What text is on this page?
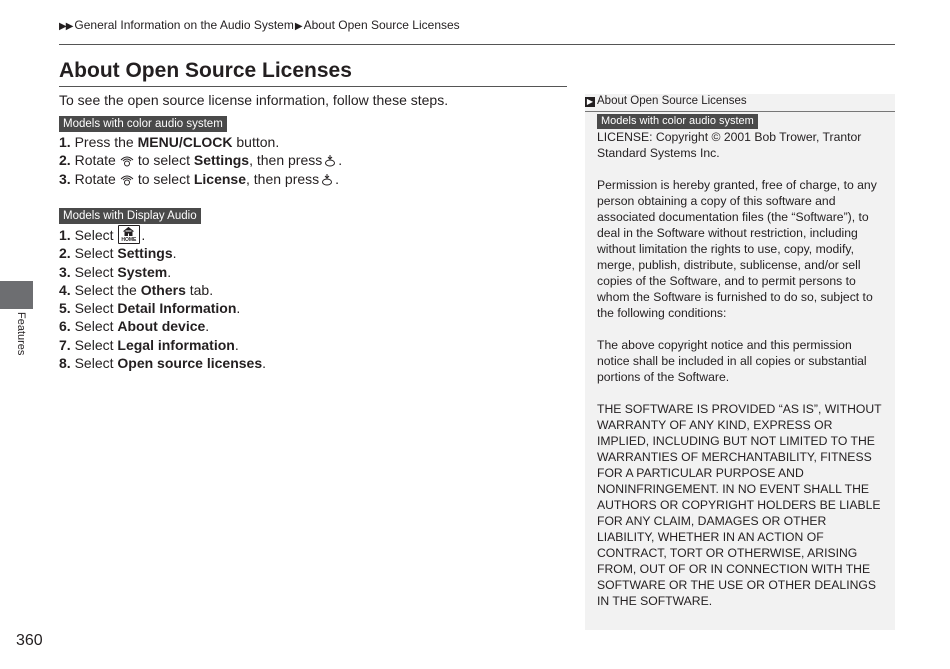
▶▶ General Information on the Audio System▶About Open Source Licenses
About Open Source Licenses
To see the open source license information, follow these steps.
Models with color audio system
1. Press the MENU/CLOCK button.
2. Rotate to select Settings, then press .
3. Rotate to select License, then press .
Models with Display Audio
1. Select HOME .
2. Select Settings.
3. Select System.
4. Select the Others tab.
5. Select Detail Information.
6. Select About device.
7. Select Legal information.
8. Select Open source licenses.
Features
360
▶ About Open Source Licenses
Models with color audio system

LICENSE: Copyright © 2001 Bob Trower, Trantor Standard Systems Inc.

Permission is hereby granted, free of charge, to any person obtaining a copy of this software and associated documentation files (the “Software”), to deal in the Software without restriction, including without limitation the rights to use, copy, modify, merge, publish, distribute, sublicense, and/or sell copies of the Software, and to permit persons to whom the Software is furnished to do so, subject to the following conditions:

The above copyright notice and this permission notice shall be included in all copies or substantial portions of the Software.

THE SOFTWARE IS PROVIDED “AS IS”, WITHOUT WARRANTY OF ANY KIND, EXPRESS OR IMPLIED, INCLUDING BUT NOT LIMITED TO THE WARRANTIES OF MERCHANTABILITY, FITNESS FOR A PARTICULAR PURPOSE AND NONINFRINGEMENT. IN NO EVENT SHALL THE AUTHORS OR COPYRIGHT HOLDERS BE LIABLE FOR ANY CLAIM, DAMAGES OR OTHER LIABILITY, WHETHER IN AN ACTION OF CONTRACT, TORT OR OTHERWISE, ARISING FROM, OUT OF OR IN CONNECTION WITH THE SOFTWARE OR THE USE OR OTHER DEALINGS IN THE SOFTWARE.
